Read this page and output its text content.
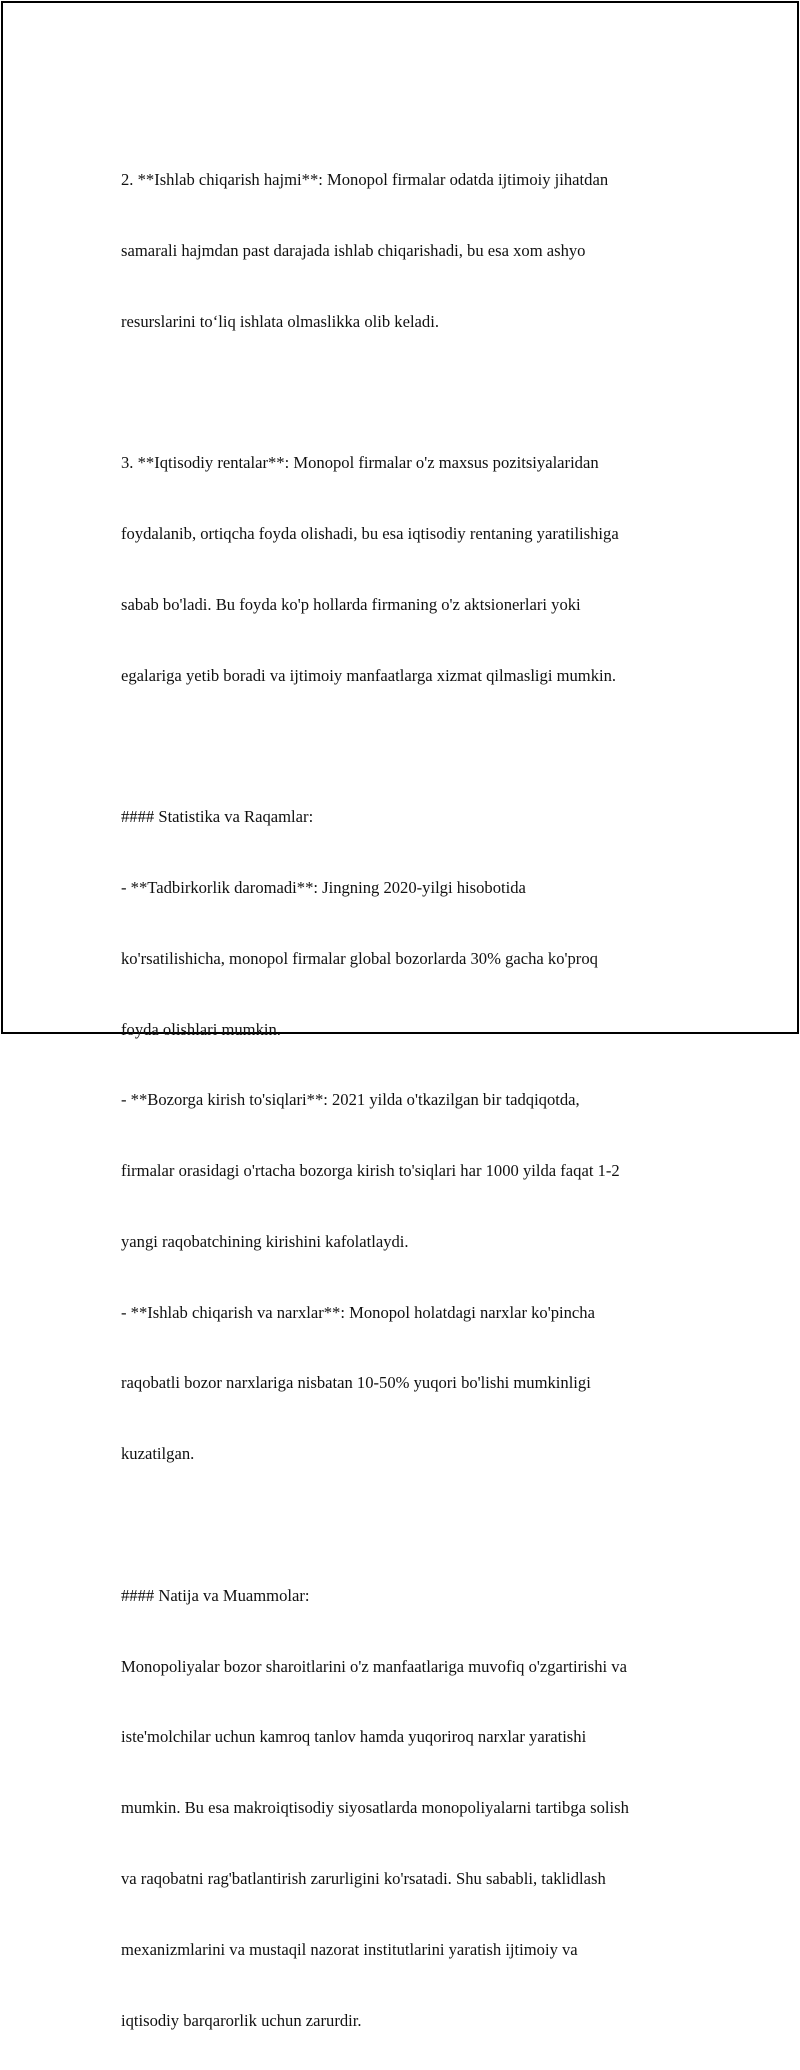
2. **Ishlab chiqarish hajmi**: Monopol firmalar odatda ijtimoiy jihatdan

samarali hajmdan past darajada ishlab chiqarishadi, bu esa xom ashyo

resurslarini to‘liq ishlata olmaslikka olib keladi.

3. **Iqtisodiy rentalar**: Monopol firmalar o'z maxsus pozitsiyalaridan

foydalanib, ortiqcha foyda olishadi, bu esa iqtisodiy rentaning yaratilishiga

sabab bo'ladi. Bu foyda ko'p hollarda firmaning o'z aktsionerlari yoki

egalariga yetib boradi va ijtimoiy manfaatlarga xizmat qilmasligi mumkin.

#### Statistika va Raqamlar:

- **Tadbirkorlik daromadi**: Jingning 2020-yilgi hisobotida

ko'rsatilishicha, monopol firmalar global bozorlarda 30% gacha ko'proq

foyda olishlari mumkin.

- **Bozorga kirish to'siqlari**: 2021 yilda o'tkazilgan bir tadqiqotda,

firmalar orasidagi o'rtacha bozorga kirish to'siqlari har 1000 yilda faqat 1-2

yangi raqobatchining kirishini kafolatlaydi.

- **Ishlab chiqarish va narxlar**: Monopol holatdagi narxlar ko'pincha

raqobatli bozor narxlariga nisbatan 10-50% yuqori bo'lishi mumkinligi

kuzatilgan.

#### Natija va Muammolar:

Monopoliyalar bozor sharoitlarini o'z manfaatlariga muvofiq o'zgartirishi va

iste'molchilar uchun kamroq tanlov hamda yuqoriroq narxlar yaratishi

mumkin. Bu esa makroiqtisodiy siyosatlarda monopoliyalarni tartibga solish

va raqobatni rag'batlantirish zarurligini ko'rsatadi. Shu sababli, taklidlash

mexanizmlarini va mustaqil nazorat institutlarini yaratish ijtimoiy va

iqtisodiy barqarorlik uchun zarurdir.
